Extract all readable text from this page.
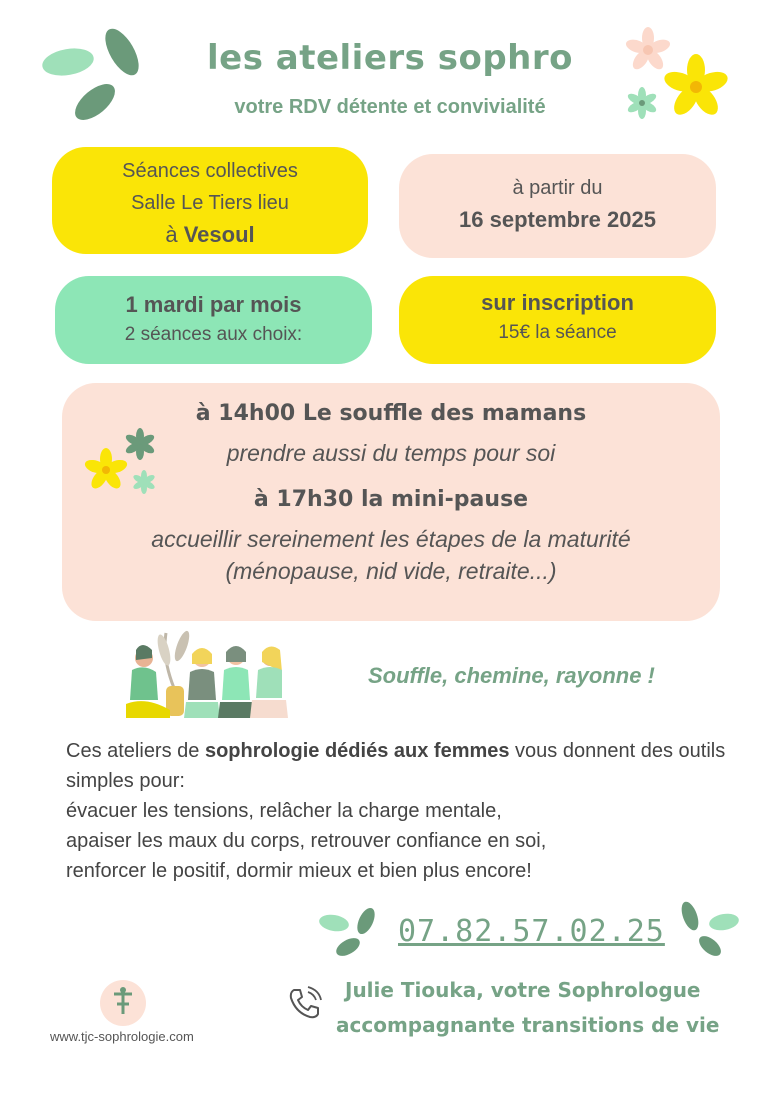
les ateliers sophro
votre RDV détente et convivialité
Séances collectives
Salle Le Tiers lieu
à Vesoul
à partir du
16 septembre 2025
1 mardi par mois
2 séances aux choix:
sur inscription
15€ la séance
à 14h00 Le souffle des mamans
prendre aussi du temps pour soi
à 17h30 la mini-pause
accueillir sereinement les étapes de la maturité
(ménopause, nid vide, retraite...)
Souffle, chemine, rayonne !

Ces ateliers de sophrologie dédiés aux femmes vous donnent des outils simples pour:

évacuer les tensions, relâcher la charge mentale,

apaiser les maux du corps, retrouver confiance en soi,

renforcer le positif, dormir mieux et bien plus encore!

07.82.57.02.25
Julie Tiouka, votre Sophrologue
accompagnante transitions de vie
www.tjc-sophrologie.com
